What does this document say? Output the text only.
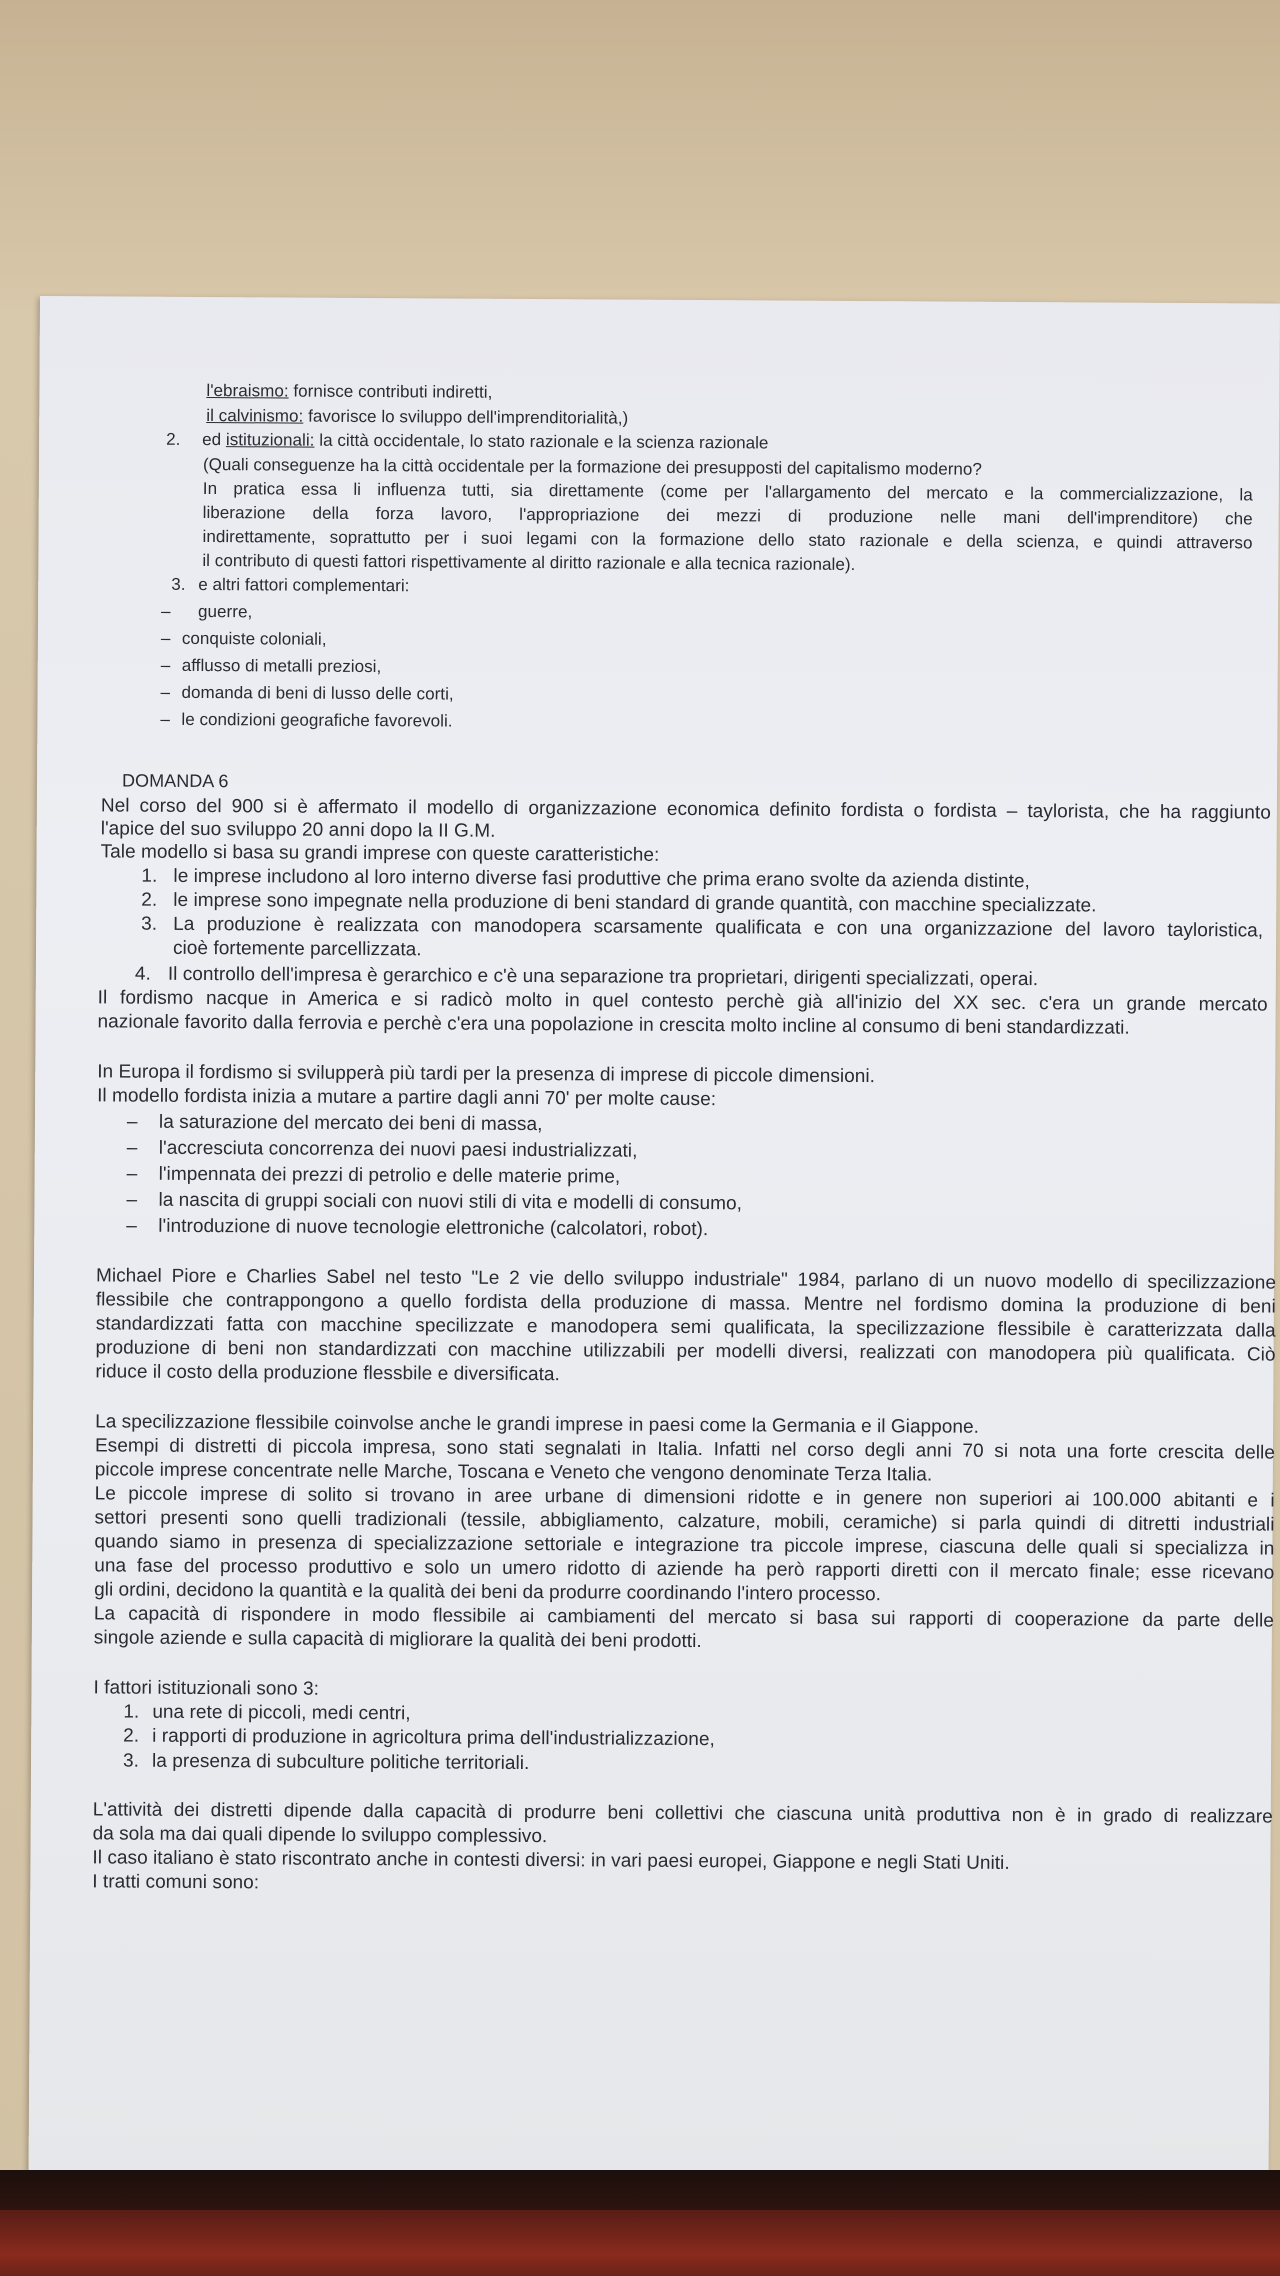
l'ebraismo: fornisce contributi indiretti,
il calvinismo: favorisce lo sviluppo dell'imprenditorialità,)
2. ed istituzionali: la città occidentale, lo stato razionale e la scienza razionale
(Quali conseguenze ha la città occidentale per la formazione dei presupposti del capitalismo moderno?
In pratica essa li influenza tutti, sia direttamente (come per l'allargamento del mercato e la commercializzazione, la
liberazione della forza lavoro, l'appropriazione dei mezzi di produzione nelle mani dell'imprenditore) che
indirettamente, soprattutto per i suoi legami con la formazione dello stato razionale e della scienza, e quindi attraverso
il contributo di questi fattori rispettivamente al diritto razionale e alla tecnica razionale).
3. e altri fattori complementari:
– guerre,
– conquiste coloniali,
– afflusso di metalli preziosi,
– domanda di beni di lusso delle corti,
– le condizioni geografiche favorevoli.
DOMANDA 6
Nel corso del 900 si è affermato il modello di organizzazione economica definito fordista o fordista – taylorista, che ha raggiunto
l'apice del suo sviluppo 20 anni dopo la II G.M.
Tale modello si basa su grandi imprese con queste caratteristiche:
1. le imprese includono al loro interno diverse fasi produttive che prima erano svolte da azienda distinte,
2. le imprese sono impegnate nella produzione di beni standard di grande quantità, con macchine specializzate.
3. La produzione è realizzata con manodopera scarsamente qualificata e con una organizzazione del lavoro tayloristica,
cioè fortemente parcellizzata.
4. Il controllo dell'impresa è gerarchico e c'è una separazione tra proprietari, dirigenti specializzati, operai.
Il fordismo nacque in America e si radicò molto in quel contesto perchè già all'inizio del XX sec. c'era un grande mercato
nazionale favorito dalla ferrovia e perchè c'era una popolazione in crescita molto incline al consumo di beni standardizzati.
In Europa il fordismo si svilupperà più tardi per la presenza di imprese di piccole dimensioni.
Il modello fordista inizia a mutare a partire dagli anni 70' per molte cause:
– la saturazione del mercato dei beni di massa,
– l'accresciuta concorrenza dei nuovi paesi industrializzati,
– l'impennata dei prezzi di petrolio e delle materie prime,
– la nascita di gruppi sociali con nuovi stili di vita e modelli di consumo,
– l'introduzione di nuove tecnologie elettroniche (calcolatori, robot).
Michael Piore e Charlies Sabel nel testo "Le 2 vie dello sviluppo industriale" 1984, parlano di un nuovo modello di specilizzazione
flessibile che contrappongono a quello fordista della produzione di massa. Mentre nel fordismo domina la produzione di beni
standardizzati fatta con macchine specilizzate e manodopera semi qualificata, la specilizzazione flessibile è caratterizzata dalla
produzione di beni non standardizzati con macchine utilizzabili per modelli diversi, realizzati con manodopera più qualificata. Ciò
riduce il costo della produzione flessbile e diversificata.
La specilizzazione flessibile coinvolse anche le grandi imprese in paesi come la Germania e il Giappone.
Esempi di distretti di piccola impresa, sono stati segnalati in Italia. Infatti nel corso degli anni 70 si nota una forte crescita delle
piccole imprese concentrate nelle Marche, Toscana e Veneto che vengono denominate Terza Italia.
Le piccole imprese di solito si trovano in aree urbane di dimensioni ridotte e in genere non superiori ai 100.000 abitanti e i
settori presenti sono quelli tradizionali (tessile, abbigliamento, calzature, mobili, ceramiche) si parla quindi di ditretti industriali
quando siamo in presenza di specializzazione settoriale e integrazione tra piccole imprese, ciascuna delle quali si specializza in
una fase del processo produttivo e solo un umero ridotto di aziende ha però rapporti diretti con il mercato finale; esse ricevano
gli ordini, decidono la quantità e la qualità dei beni da produrre coordinando l'intero processo.
La capacità di rispondere in modo flessibile ai cambiamenti del mercato si basa sui rapporti di cooperazione da parte delle
singole aziende e sulla capacità di migliorare la qualità dei beni prodotti.
I fattori istituzionali sono 3:
1. una rete di piccoli, medi centri,
2. i rapporti di produzione in agricoltura prima dell'industrializzazione,
3. la presenza di subculture politiche territoriali.
L'attività dei distretti dipende dalla capacità di produrre beni collettivi che ciascuna unità produttiva non è in grado di realizzare
da sola ma dai quali dipende lo sviluppo complessivo.
Il caso italiano è stato riscontrato anche in contesti diversi: in vari paesi europei, Giappone e negli Stati Uniti.
I tratti comuni sono:
